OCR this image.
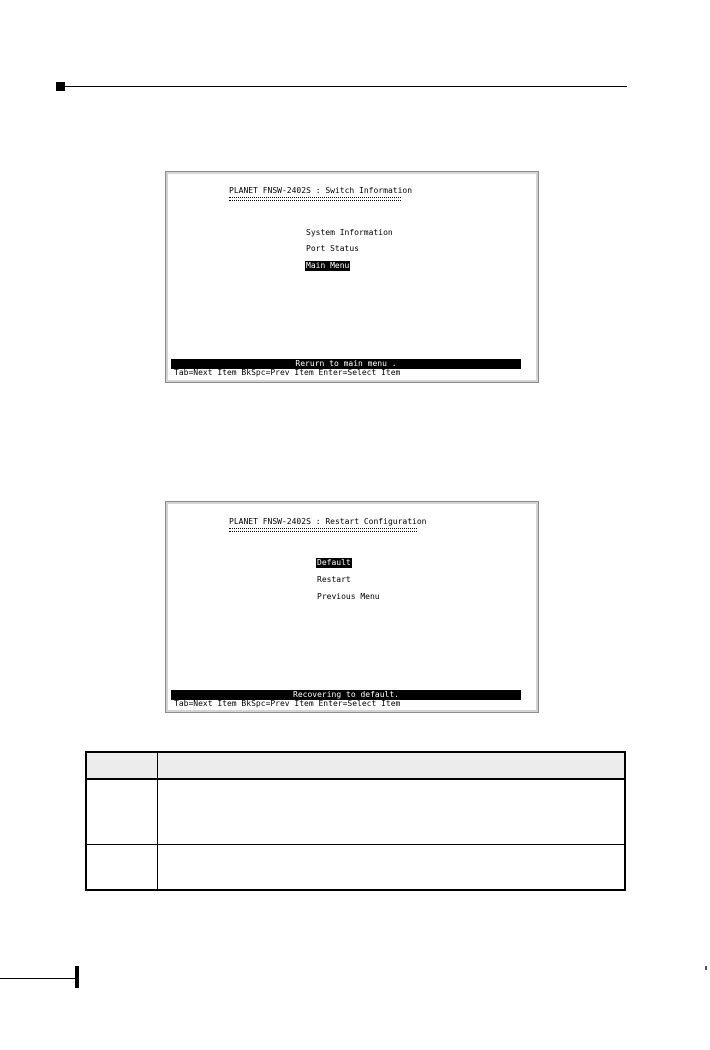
PLANET FNSW-2402S : Switch Information
System Information
Port Status
Main Menu
Rerurn to main menu .
Tab=Next Item BkSpc=Prev Item Enter=Select Item
PLANET FNSW-2402S : Restart Configuration
Default
Restart
Previous Menu
Recovering to default.
Tab=Next Item BkSpc=Prev Item Enter=Select Item
